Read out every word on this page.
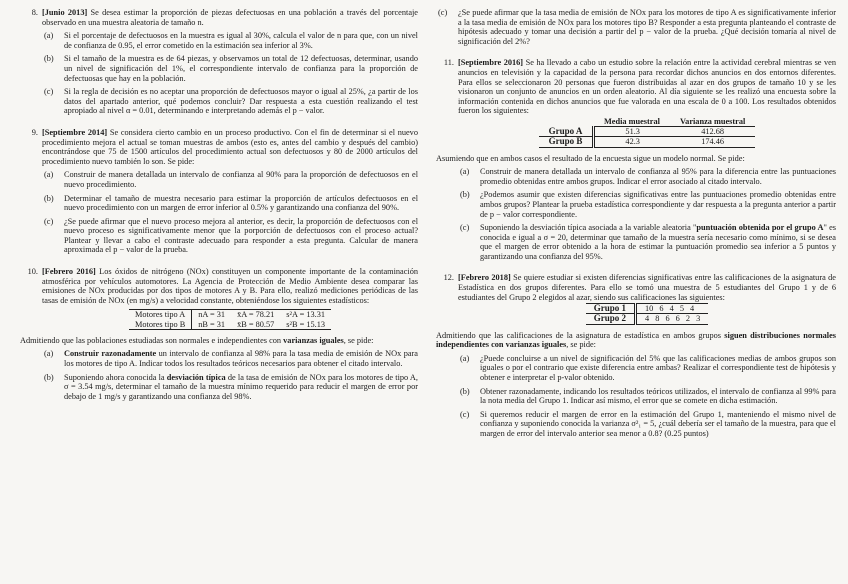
8. [Junio 2013] Se desea estimar la proporción de piezas defectuosas en una población a través del porcentaje observado en una muestra aleatoria de tamaño n.

(a) Si el porcentaje de defectuosos en la muestra es igual al 30%, calcula el valor de n para que, con un nivel de confianza de 0.95, el error cometido en la estimación sea inferior al 3%.
(b) Si el tamaño de la muestra es de 64 piezas, y observamos un total de 12 defectuosas, determinar, usando un nivel de significación del 1%, el correspondiente intervalo de confianza para la proporción de defectuosas que hay en la población.
(c) Si la regla de decisión es no aceptar una proporción de defectuosos mayor o igual al 25%, ¿a partir de los datos del apartado anterior, qué podemos concluir? Dar respuesta a esta cuestión realizando el test apropiado al nivel α = 0.01, determinando e interpretando además el p − valor.
9. [Septiembre 2014] Se considera cierto cambio en un proceso productivo. Con el fin de determinar si el nuevo procedimiento mejora el actual se toman muestras de ambos (esto es, antes del cambio y después del cambio) encontrándose que 75 de 1500 artículos del procedimiento actual son defectuosos y 80 de 2000 artículos del procedimiento nuevo también lo son. Se pide:

(a) Construir de manera detallada un intervalo de confianza al 90% para la proporción de defectuosos en el nuevo procedimiento.
(b) Determinar el tamaño de muestra necesario para estimar la proporción de artículos defectuosos en el nuevo procedimiento con un margen de error inferior al 0.5% y garantizando una confianza del 90%.
(c) ¿Se puede afirmar que el nuevo proceso mejora al anterior, es decir, la proporción de defectuosos con el nuevo proceso es significativamente menor que la porporción de defectuosos con el proceso actual? Plantear y llevar a cabo el contraste adecuado para responder a esta pregunta. Calcular de manera aproximada el p − valor de la prueba.
10. [Febrero 2016] Los óxidos de nitrógeno (NOx) constituyen un componente importante de la contaminación atmosférica por vehículos automotores. La Agencia de Protección de Medio Ambiente desea comparar las emisiones de NOx producidas por dos tipos de motores A y B. Para ello, realizó mediciones periódicas de las tasas de emisión de NOx (en mg/s) a velocidad constante, obteniéndose los siguientes estadísticos:

Motores tipo A	nA = 31	x̄A = 78.21	s²A = 13.31
Motores tipo B	nB = 31	x̄B = 80.57	s²B = 15.13

Admitiendo que las poblaciones estudiadas son normales e independientes con varianzas iguales, se pide:

(a) Construir razonadamente un intervalo de confianza al 98% para la tasa media de emisión de NOx para los motores de tipo A. Indicar todos los resultados teóricos necesarios para obtener el citado intervalo.
(b) Suponiendo ahora conocida la desviación típica de la tasa de emisión de NOx para los motores de tipo A, σ = 3.54 mg/s, determinar el tamaño de la muestra mínimo requerido para reducir el margen de error por debajo de 1 mg/s y garantizando una confianza del 98%.
(c) ¿Se puede afirmar que la tasa media de emisión de NOx para los motores de tipo A es significativamente inferior a la tasa media de emisión de NOx para los motores tipo B? Responder a esta pregunta planteando el contraste de hipótesis adecuado y tomar una decisión a partir del p − valor de la prueba. ¿Qué decisión tomaría al nivel de significación del 2%?
11. [Septiembre 2016] Se ha llevado a cabo un estudio sobre la relación entre la actividad cerebral mientras se ven anuncios en televisión y la capacidad de la persona para recordar dichos anuncios en dos entornos diferentes. Para ellos se seleccionaron 20 personas que fueron distribuidas al azar en dos grupos de tamaño 10 y se les visionaron un conjunto de anuncios en un orden aleatorio. Al día siguiente se les realizó una encuesta sobre la información contenida en dichos anuncios que fue valorada en una escala de 0 a 100. Los resultados obtenidos fueron los siguientes:

	Media muestral	Varianza muestral
Grupo A	51.3	412.68
Grupo B	42.3	174.46

Asumiendo que en ambos casos el resultado de la encuesta sigue un modelo normal. Se pide:

(a) Construir de manera detallada un intervalo de confianza al 95% para la diferencia entre las puntuaciones promedio obtenidas entre ambos grupos. Indicar el error asociado al citado intervalo.
(b) ¿Podemos asumir que existen diferencias significativas entre las puntuaciones promedio obtenidas entre ambos grupos? Plantear la prueba estadística correspondiente y dar respuesta a la pregunta anterior a partir de p − valor correspondiente.
(c) Suponiendo la desviación típica asociada a la variable aleatoria "puntuación obtenida por el grupo A" es conocida e igual a σ = 20, determinar que tamaño de la muestra sería necesario como mínimo, si se desea que el margen de error obtenido a la hora de estimar la puntuación promedio sea inferior a 5 puntos y garantizando una confianza del 95%.
12. [Febrero 2018] Se quiere estudiar si existen diferencias significativas entre las calificaciones de la asignatura de Estadística en dos grupos diferentes. Para ello se tomó una muestra de 5 estudiantes del Grupo 1 y de 6 estudiantes del Grupo 2 elegidos al azar, siendo sus calificaciones las siguientes:

Grupo 1	10 6 4 5 4
Grupo 2	4 8 6 6 2 3

Admitiendo que las calificaciones de la asignatura de estadística en ambos grupos siguen distribuciones normales independientes con varianzas iguales, se pide:

(a) ¿Puede concluirse a un nivel de significación del 5% que las calificaciones medias de ambos grupos son iguales o por el contrario que existe diferencia entre ambas? Realizar el correspondiente test de hipótesis y obtener e interpretar el p-valor obtenido.
(b) Obtener razonadamente, indicando los resultados teóricos utilizados, el intervalo de confianza al 99% para la nota media del Grupo 1. Indicar así mismo, el error que se comete en dicha estimación.
(c) Si queremos reducir el margen de error en la estimación del Grupo 1, manteniendo el mismo nivel de confianza y suponiendo conocida la varianza σ²₁ = 5, ¿cuál debería ser el tamaño de la muestra, para que el margen de error del intervalo anterior sea menor a 0.8? (0.25 puntos)
